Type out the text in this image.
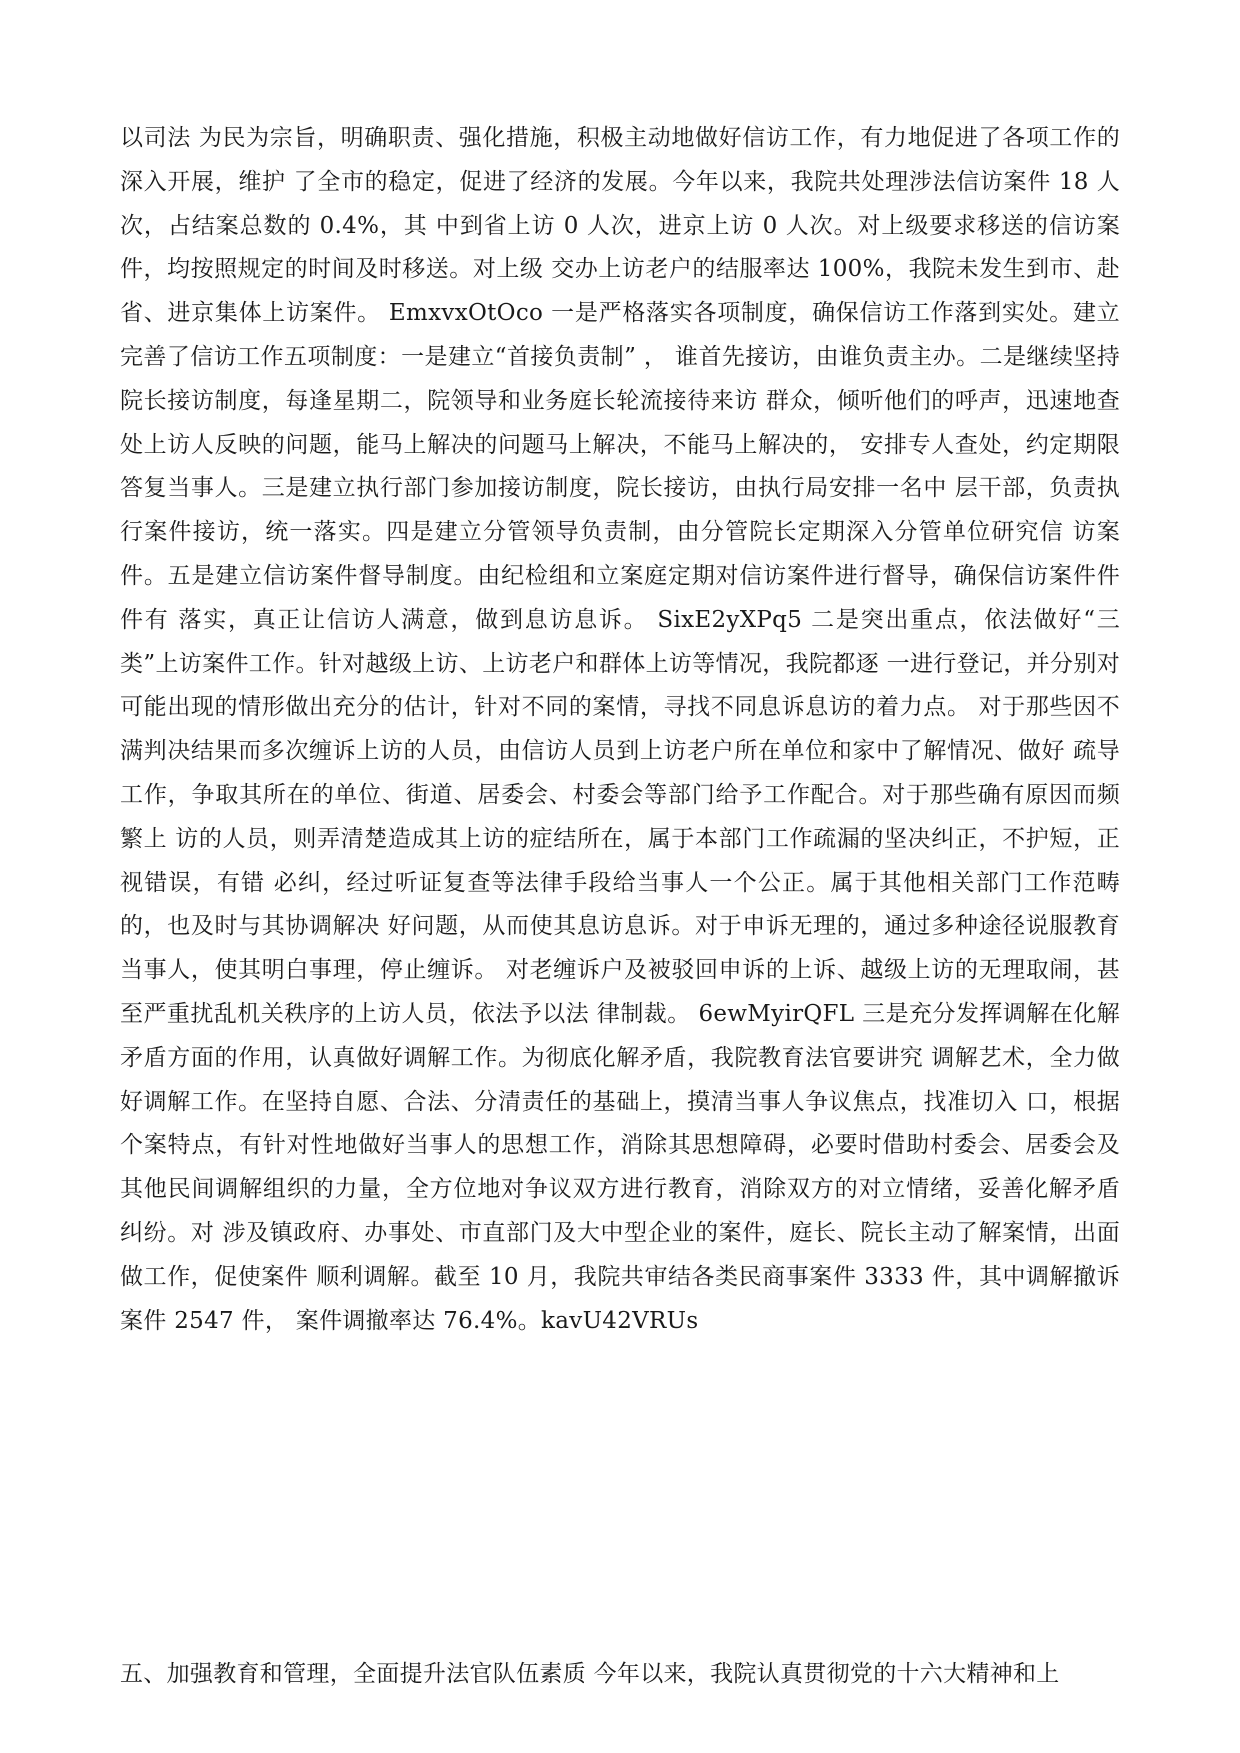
以司法 为民为宗旨，明确职责、强化措施，积极主动地做好信访工作，有力地促进了各项工作的深入开展，维护 了全市的稳定，促进了经济的发展。今年以来，我院共处理涉法信访案件 18 人次，占结案总数的 0.4%，其 中到省上访 0 人次，进京上访 0 人次。对上级要求移送的信访案件，均按照规定的时间及时移送。对上级 交办上访老户的结服率达 100%，我院未发生到市、赴省、进京集体上访案件。 EmxvxOtOco 一是严格落实各项制度，确保信访工作落到实处。建立完善了信访工作五项制度：一是建立“首接负责制” ， 谁首先接访，由谁负责主办。二是继续坚持院长接访制度，每逢星期二，院领导和业务庭长轮流接待来访 群众，倾听他们的呼声，迅速地查处上访人反映的问题，能马上解决的问题马上解决，不能马上解决的， 安排专人查处，约定期限答复当事人。三是建立执行部门参加接访制度，院长接访，由执行局安排一名中 层干部，负责执行案件接访，统一落实。四是建立分管领导负责制，由分管院长定期深入分管单位研究信 访案件。五是建立信访案件督导制度。由纪检组和立案庭定期对信访案件进行督导，确保信访案件件件有 落实，真正让信访人满意，做到息访息诉。 SixE2yXPq5 二是突出重点，依法做好“三类”上访案件工作。针对越级上访、上访老户和群体上访等情况，我院都逐 一进行登记，并分别对可能出现的情形做出充分的估计，针对不同的案情，寻找不同息诉息访的着力点。 对于那些因不满判决结果而多次缠诉上访的人员，由信访人员到上访老户所在单位和家中了解情况、做好 疏导工作，争取其所在的单位、街道、居委会、村委会等部门给予工作配合。对于那些确有原因而频繁上 访的人员，则弄清楚造成其上访的症结所在，属于本部门工作疏漏的坚决纠正，不护短，正视错误，有错 必纠，经过听证复查等法律手段给当事人一个公正。属于其他相关部门工作范畴的，也及时与其协调解决 好问题，从而使其息访息诉。对于申诉无理的，通过多种途径说服教育当事人，使其明白事理，停止缠诉。 对老缠诉户及被驳回申诉的上诉、越级上访的无理取闹，甚至严重扰乱机关秩序的上访人员，依法予以法 律制裁。 6ewMyirQFL 三是充分发挥调解在化解矛盾方面的作用，认真做好调解工作。为彻底化解矛盾，我院教育法官要讲究 调解艺术，全力做好调解工作。在坚持自愿、合法、分清责任的基础上，摸清当事人争议焦点，找准切入 口，根据个案特点，有针对性地做好当事人的思想工作，消除其思想障碍，必要时借助村委会、居委会及 其他民间调解组织的力量，全方位地对争议双方进行教育，消除双方的对立情绪，妥善化解矛盾纠纷。对 涉及镇政府、办事处、市直部门及大中型企业的案件，庭长、院长主动了解案情，出面做工作，促使案件 顺利调解。截至 10 月，我院共审结各类民商事案件 3333 件，其中调解撤诉案件 2547 件， 案件调撤率达 76.4%。kavU42VRUs

五、加强教育和管理，全面提升法官队伍素质 今年以来，我院认真贯彻党的十六大精神和上
